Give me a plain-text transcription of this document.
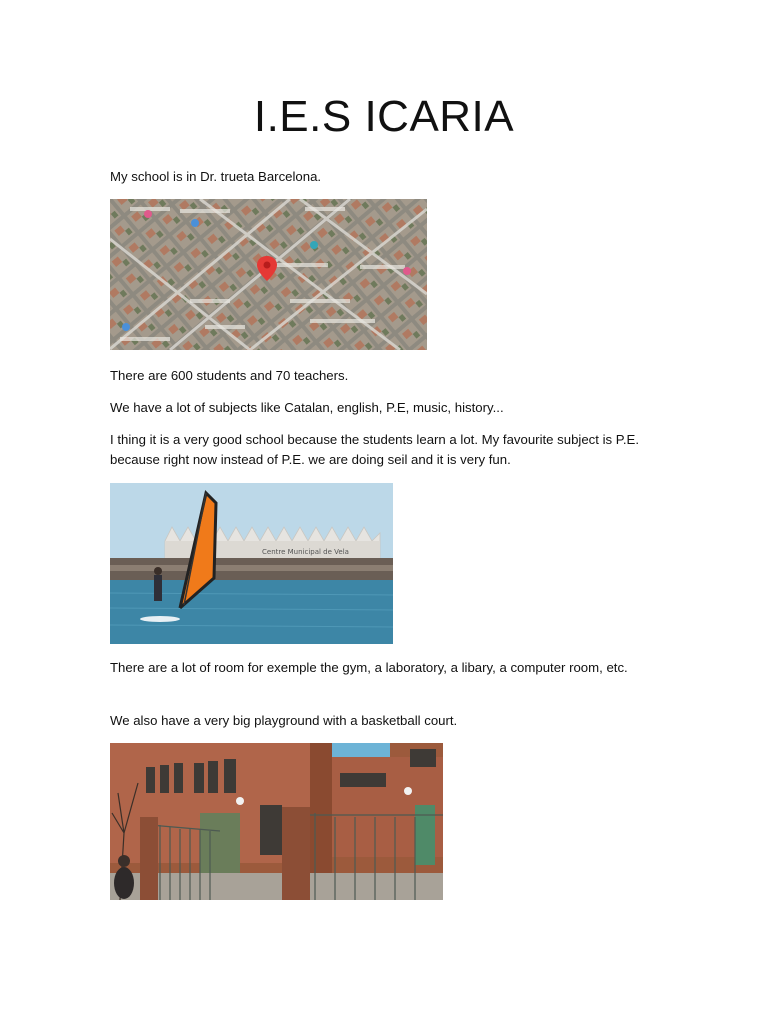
I.E.S ICARIA

My school is in Dr. trueta Barcelona.

There are 600 students and 70 teachers.

We have a lot of subjects like Catalan, english, P.E, music, history...

I thing it is a very good school because the students learn a lot. My favourite subject is P.E. because right now instead of P.E. we are doing seil and it is very fun.

Centre Municipal de Vela

There are a lot of room for exemple the gym, a laboratory, a libary, a computer room, etc.

We also have a very big playground with a basketball court.
